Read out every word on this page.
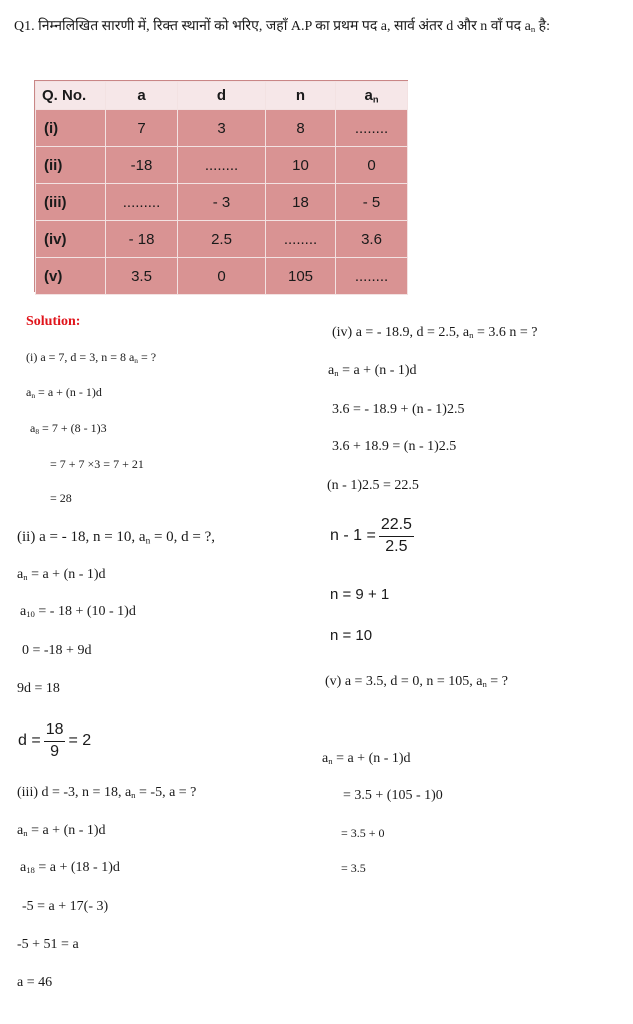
Q1. निम्नलिखित सारणी में, रिक्त स्थानों को भरिए, जहाँ A.P का प्रथम पद a, सार्व अंतर d और n वाँ पद $a_n$ है:
Q. No.	a	d	n	$a_n$
(i)	7	3	8	........
(ii)	-18	........	10	0
(iii)	.........	- 3	18	- 5
(iv)	- 18	2.5	........	3.6
(v)	3.5	0	105	........
Solution:
(i) a = 7, d = 3, n = 8 $a_n$ = ?
$a_n = a + (n - 1)d$
$a_8 = 7 + (8 - 1)3$
= 7 + 7 ×3 = 7 + 21
= 28
(ii) a = - 18, n = 10, $a_n = 0$, d = ?,
$a_n = a + (n - 1)d$
$a_{10}$ = - 18 + (10 - 1)d
0 = -18 + 9d
9d = 18
$d = \frac{18}{9} = 2$
(iii) d = -3, n = 18, $a_n = -5$, a = ?
$a_n = a + (n - 1)d$
$a_{18} = a + (18 - 1)d$
-5 = a + 17(- 3)
-5 + 51 = a
a = 46
(iv) a = - 18.9, d = 2.5, $a_n = 3.6$ n = ?
$a_n = a + (n - 1)d$
3.6 = - 18.9 + (n - 1)2.5
3.6 + 18.9 = (n - 1)2.5
(n - 1)2.5 = 22.5
$n - 1 = \frac{22.5}{2.5}$
n = 9 + 1
n = 10
(v) a = 3.5, d = 0, n = 105, $a_n$ = ?
$a_n = a + (n - 1)d$
= 3.5 + (105 - 1)0
= 3.5 + 0
= 3.5
